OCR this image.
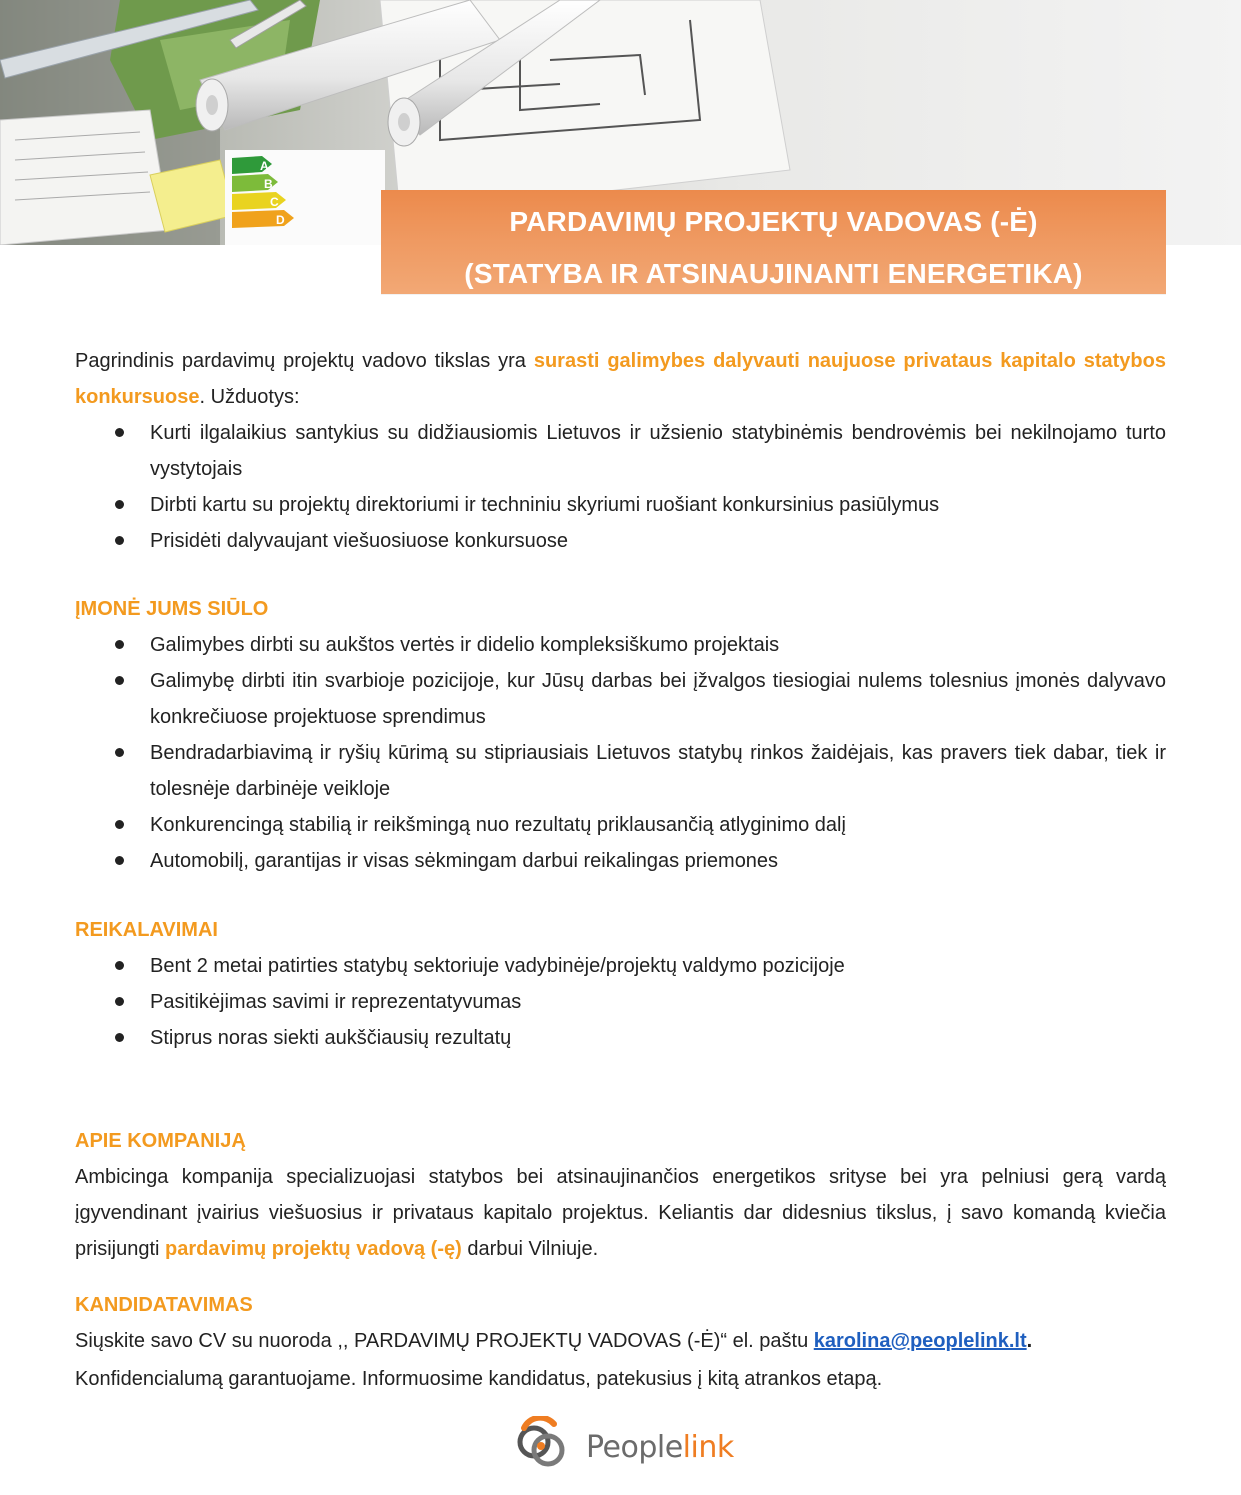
A
B
C
D	PARDAVIMŲ PROJEKTŲ VADOVAS (-Ė)
(STATYBA IR ATSINAUJINANTI ENERGETIKA)

Pagrindinis pardavimų projektų vadovo tikslas yra surasti galimybes dalyvauti naujuose privataus kapitalo statybos konkursuose. Užduotys:

Kurti ilgalaikius santykius su didžiausiomis Lietuvos ir užsienio statybinėmis bendrovėmis bei nekilnojamo turto vystytojais
Dirbti kartu su projektų direktoriumi ir techniniu skyriumi ruošiant konkursinius pasiūlymus
Prisidėti dalyvaujant viešuosiuose konkursuose

ĮMONĖ JUMS SIŪLO

Galimybes dirbti su aukštos vertės ir didelio kompleksiškumo projektais
Galimybę dirbti itin svarbioje pozicijoje, kur Jūsų darbas bei įžvalgos tiesiogiai nulems tolesnius įmonės dalyvavo konkrečiuose projektuose sprendimus
Bendradarbiavimą ir ryšių kūrimą su stipriausiais Lietuvos statybų rinkos žaidėjais, kas pravers tiek dabar, tiek ir tolesnėje darbinėje veikloje
Konkurencingą stabilią ir reikšmingą nuo rezultatų priklausančią atlyginimo dalį
Automobilį, garantijas ir visas sėkmingam darbui reikalingas priemones

REIKALAVIMAI

Bent 2 metai patirties statybų sektoriuje vadybinėje/projektų valdymo pozicijoje
Pasitikėjimas savimi ir reprezentatyvumas
Stiprus noras siekti aukščiausių rezultatų

APIE KOMPANIJĄ

Ambicinga kompanija specializuojasi statybos bei atsinaujinančios energetikos srityse bei yra pelniusi gerą vardą įgyvendinant įvairius viešuosius ir privataus kapitalo projektus. Keliantis dar didesnius tikslus, į savo komandą kviečia prisijungti pardavimų projektų vadovą (-ę) darbui Vilniuje.

KANDIDATAVIMAS

Siųskite savo CV su nuoroda ,, PARDAVIMŲ PROJEKTŲ VADOVAS (-Ė)“ el. paštu karolina@peoplelink.lt.

Konfidencialumą garantuojame. Informuosime kandidatus, patekusius į kitą atrankos etapą.

Peoplelink
